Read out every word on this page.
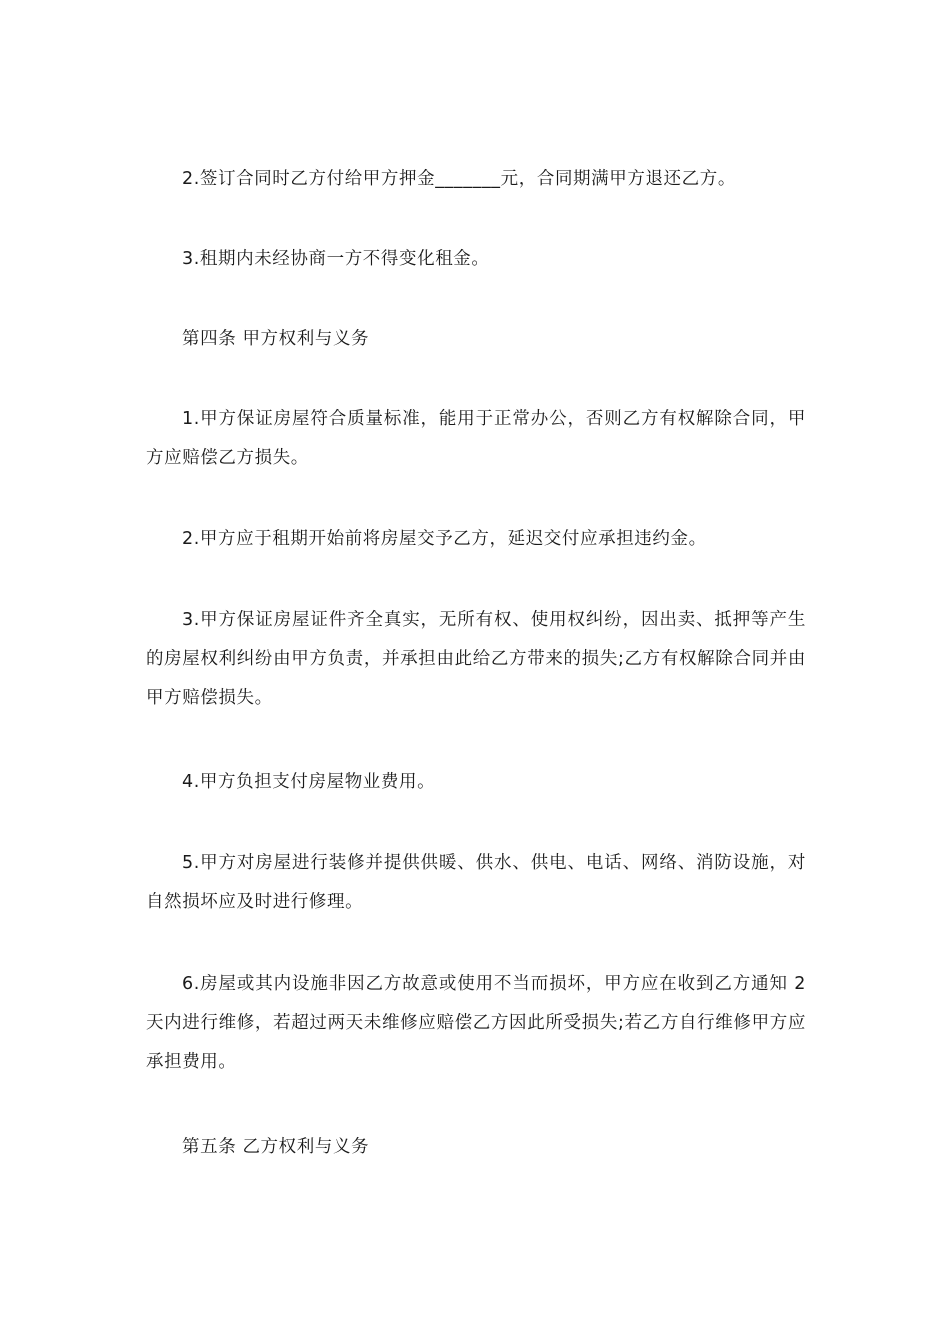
2.签订合同时乙方付给甲方押金_______元，合同期满甲方退还乙方。

3.租期内未经协商一方不得变化租金。

第四条 甲方权利与义务

1.甲方保证房屋符合质量标准，能用于正常办公，否则乙方有权解除合同，甲方应赔偿乙方损失。

2.甲方应于租期开始前将房屋交予乙方，延迟交付应承担违约金。

3.甲方保证房屋证件齐全真实，无所有权、使用权纠纷，因出卖、抵押等产生的房屋权利纠纷由甲方负责，并承担由此给乙方带来的损失;乙方有权解除合同并由甲方赔偿损失。

4.甲方负担支付房屋物业费用。

5.甲方对房屋进行装修并提供供暖、供水、供电、电话、网络、消防设施，对自然损坏应及时进行修理。

6.房屋或其内设施非因乙方故意或使用不当而损坏，甲方应在收到乙方通知 2 天内进行维修，若超过两天未维修应赔偿乙方因此所受损失;若乙方自行维修甲方应承担费用。

第五条 乙方权利与义务
